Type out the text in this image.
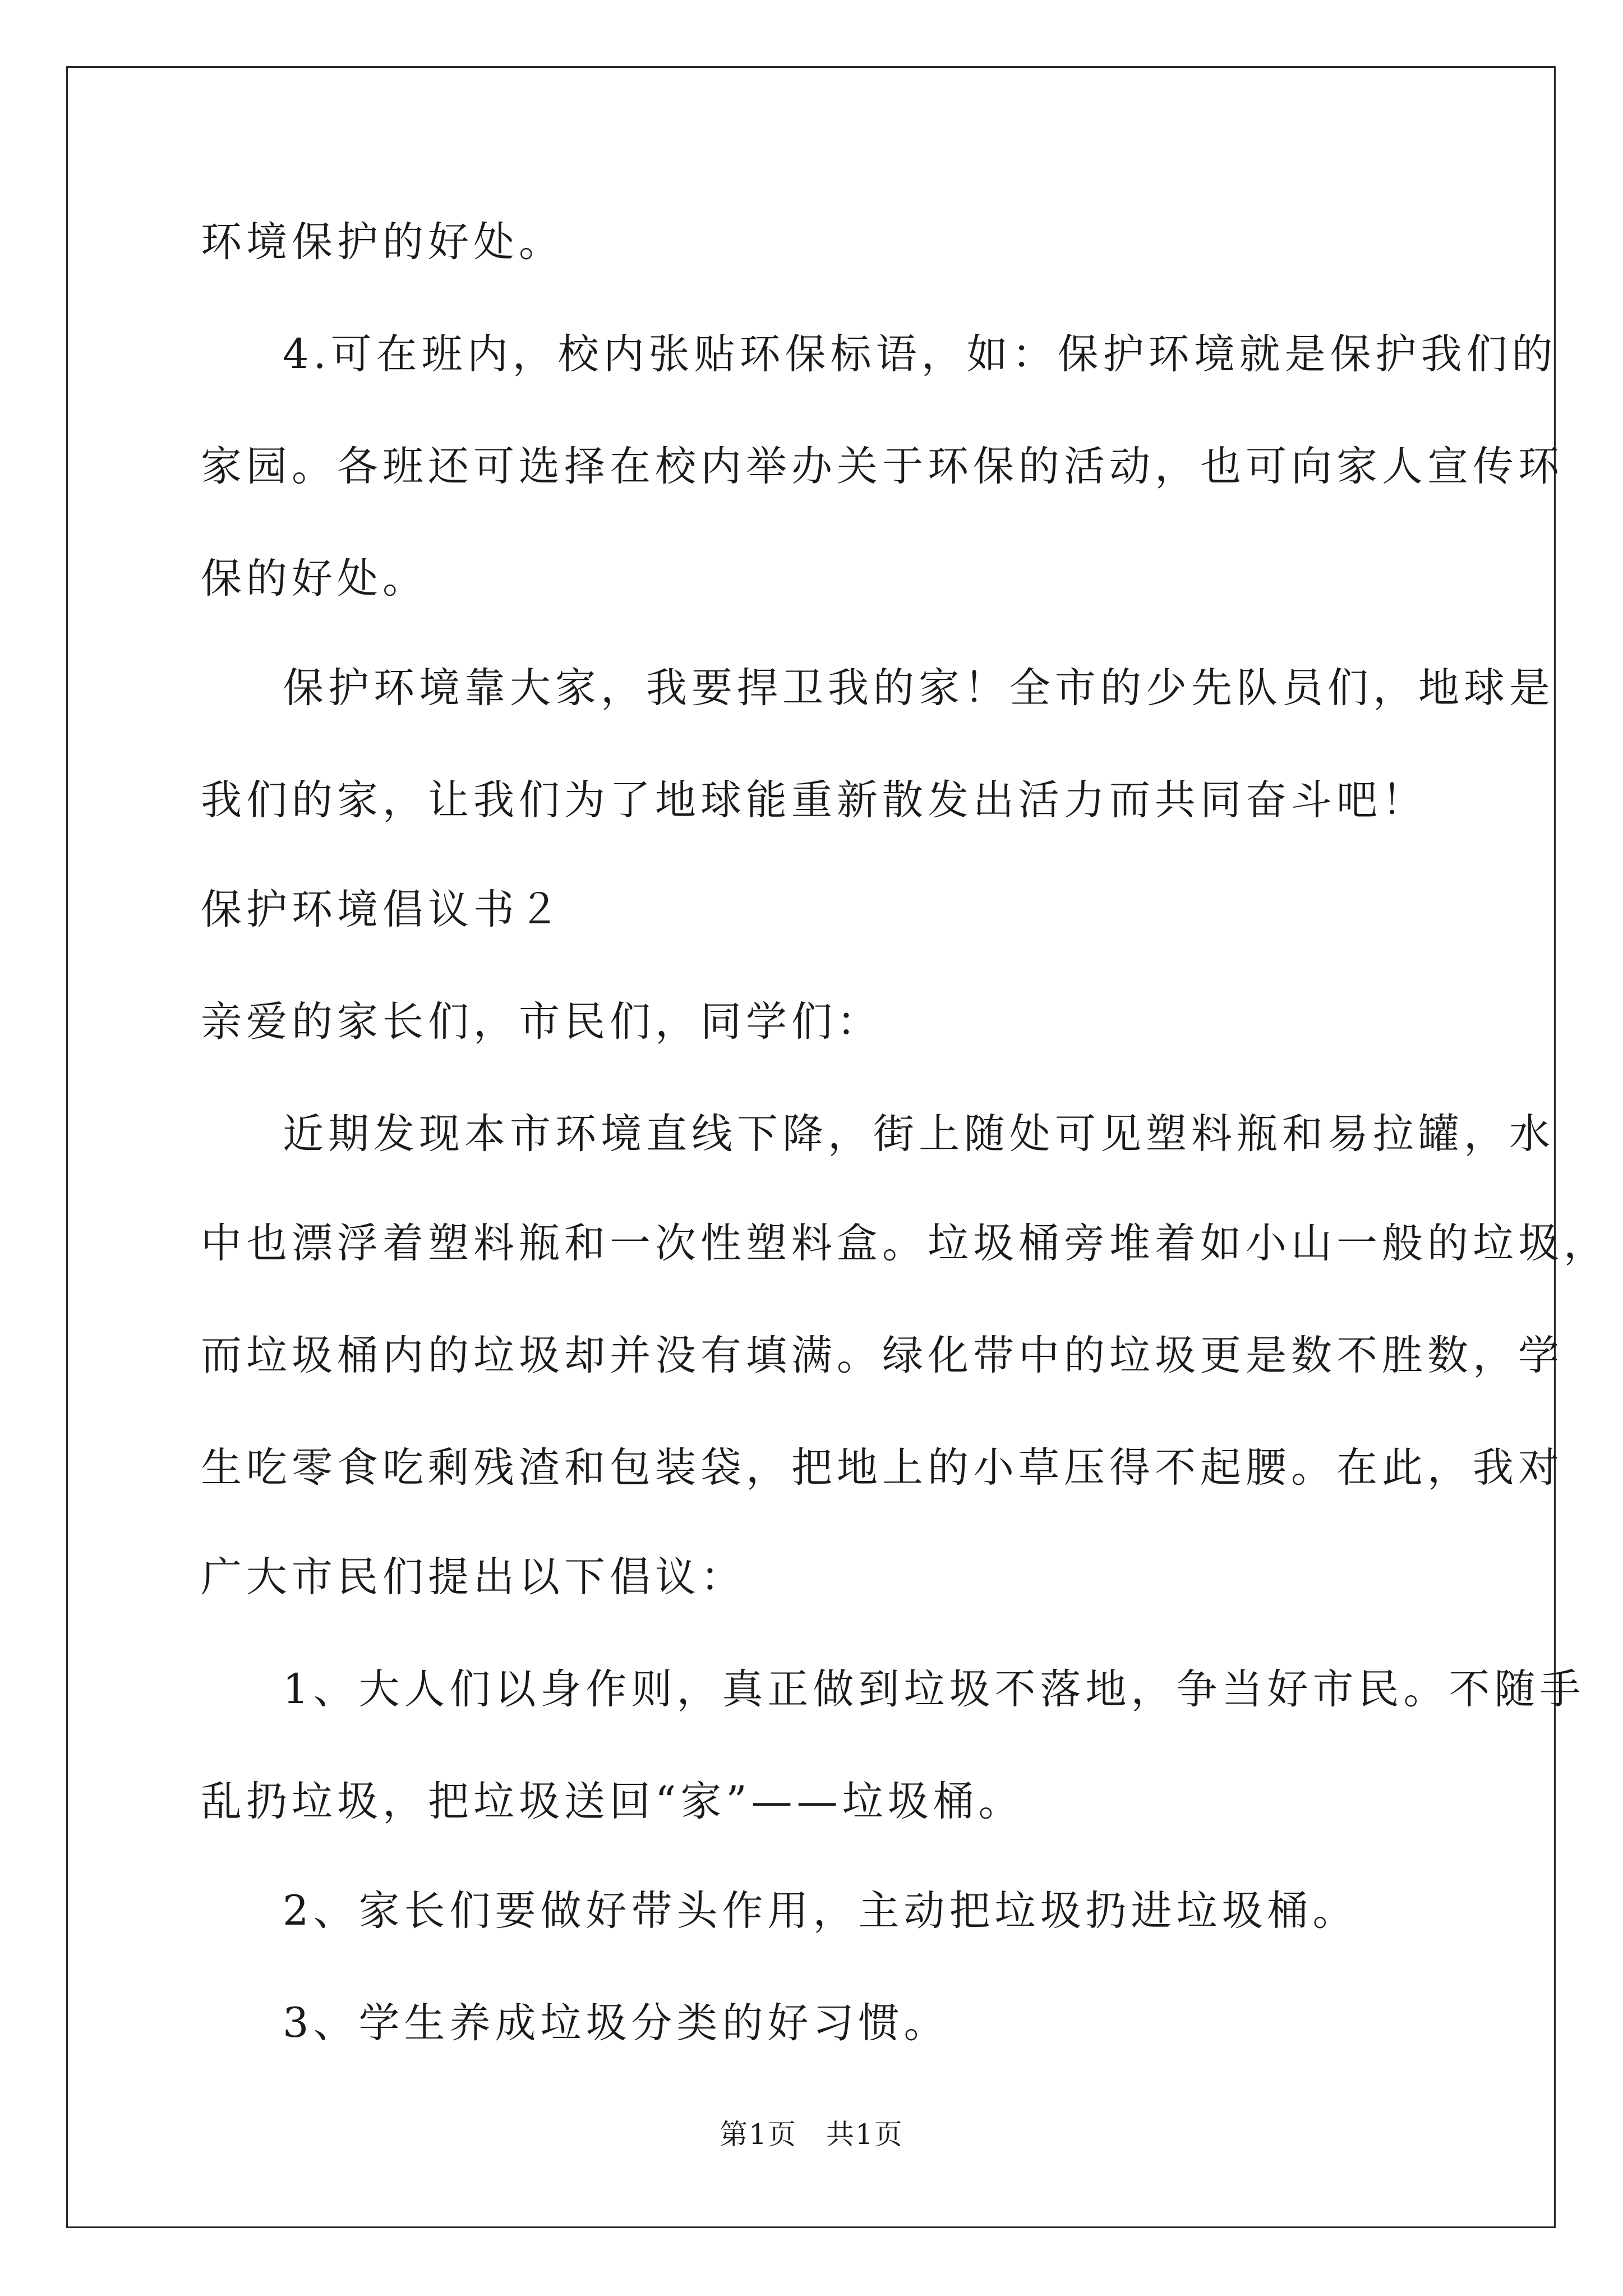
环境保护的好处。
4.可在班内，校内张贴环保标语，如：保护环境就是保护我们的
家园。各班还可选择在校内举办关于环保的活动，也可向家人宣传环
保的好处。
保护环境靠大家，我要捍卫我的家！全市的少先队员们，地球是
我们的家，让我们为了地球能重新散发出活力而共同奋斗吧！
保护环境倡议书２
亲爱的家长们，市民们，同学们：
近期发现本市环境直线下降，街上随处可见塑料瓶和易拉罐，水
中也漂浮着塑料瓶和一次性塑料盒。垃圾桶旁堆着如小山一般的垃圾，
而垃圾桶内的垃圾却并没有填满。绿化带中的垃圾更是数不胜数，学
生吃零食吃剩残渣和包装袋，把地上的小草压得不起腰。在此，我对
广大市民们提出以下倡议：
1、大人们以身作则，真正做到垃圾不落地，争当好市民。不随手
乱扔垃圾，把垃圾送回“家”——垃圾桶。
2、家长们要做好带头作用，主动把垃圾扔进垃圾桶。
3、学生养成垃圾分类的好习惯。
第1页　共1页
